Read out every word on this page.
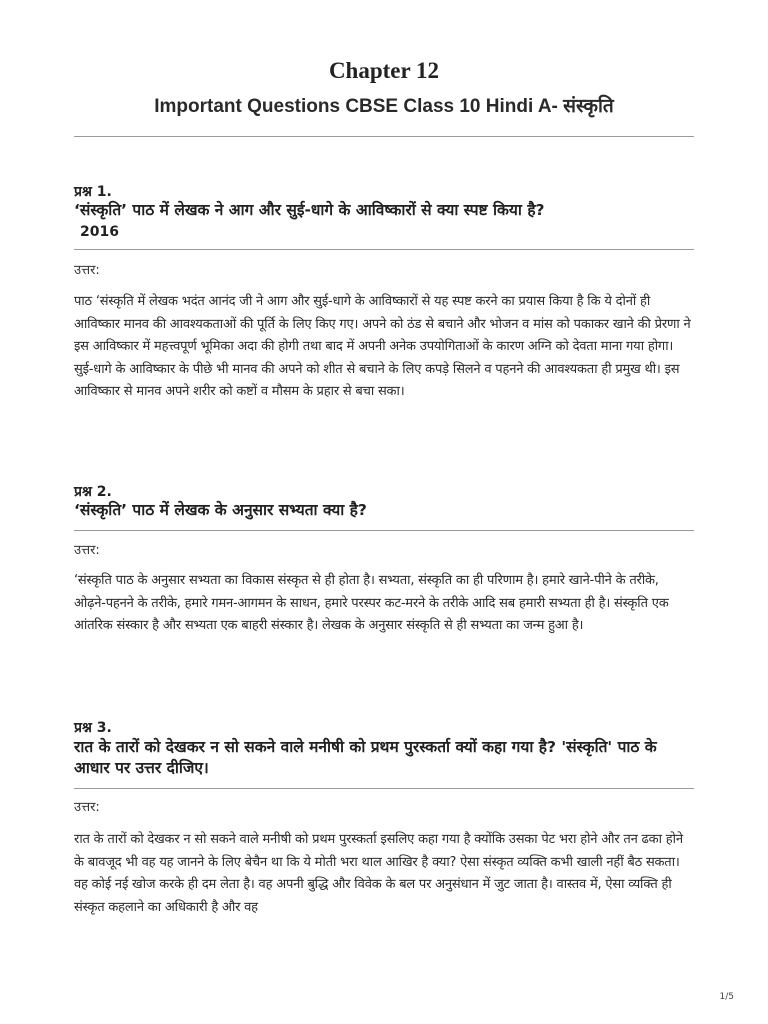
Chapter 12
Important Questions CBSE Class 10 Hindi A- संस्कृति
प्रश्न 1.
‘संस्कृति’ पाठ में लेखक ने आग और सुई-धागे के आविष्कारों से क्या स्पष्ट किया है?
2016
उत्तर:
पाठ ‘संस्कृति में लेखक भदंत आनंद जी ने आग और सुई-धागे के आविष्कारों से यह स्पष्ट करने का प्रयास किया है कि ये दोनों ही आविष्कार मानव की आवश्यकताओं की पूर्ति के लिए किए गए। अपने को ठंड से बचाने और भोजन व मांस को पकाकर खाने की प्रेरणा ने इस आविष्कार में महत्त्वपूर्ण भूमिका अदा की होगी तथा बाद में अपनी अनेक उपयोगिताओं के कारण अग्नि को देवता माना गया होगा। सुई-धागे के आविष्कार के पीछे भी मानव की अपने को शीत से बचाने के लिए कपड़े सिलने व पहनने की आवश्यकता ही प्रमुख थी। इस आविष्कार से मानव अपने शरीर को कष्टों व मौसम के प्रहार से बचा सका।
प्रश्न 2.
‘संस्कृति’ पाठ में लेखक के अनुसार सभ्यता क्या है?
उत्तर:
‘संस्कृति पाठ के अनुसार सभ्यता का विकास संस्कृत से ही होता है। सभ्यता, संस्कृति का ही परिणाम है। हमारे खाने-पीने के तरीके, ओढ़ने-पहनने के तरीके, हमारे गमन-आगमन के साधन, हमारे परस्पर कट-मरने के तरीके आदि सब हमारी सभ्यता ही है। संस्कृति एक आंतरिक संस्कार है और सभ्यता एक बाहरी संस्कार है। लेखक के अनुसार संस्कृति से ही सभ्यता का जन्म हुआ है।
प्रश्न 3.
रात के तारों को देखकर न सो सकने वाले मनीषी को प्रथम पुरस्कर्ता क्यों कहा गया है? 'संस्कृति' पाठ के आधार पर उत्तर दीजिए।
उत्तर:
रात के तारों को देखकर न सो सकने वाले मनीषी को प्रथम पुरस्कर्ता इसलिए कहा गया है क्योंकि उसका पेट भरा होने और तन ढका होने के बावजूद भी वह यह जानने के लिए बेचैन था कि ये मोती भरा थाल आखिर है क्या? ऐसा संस्कृत व्यक्ति कभी खाली नहीं बैठ सकता। वह कोई नई खोज करके ही दम लेता है। वह अपनी बुद्धि और विवेक के बल पर अनुसंधान में जुट जाता है। वास्तव में, ऐसा व्यक्ति ही संस्कृत कहलाने का अधिकारी है और वह
1/5
